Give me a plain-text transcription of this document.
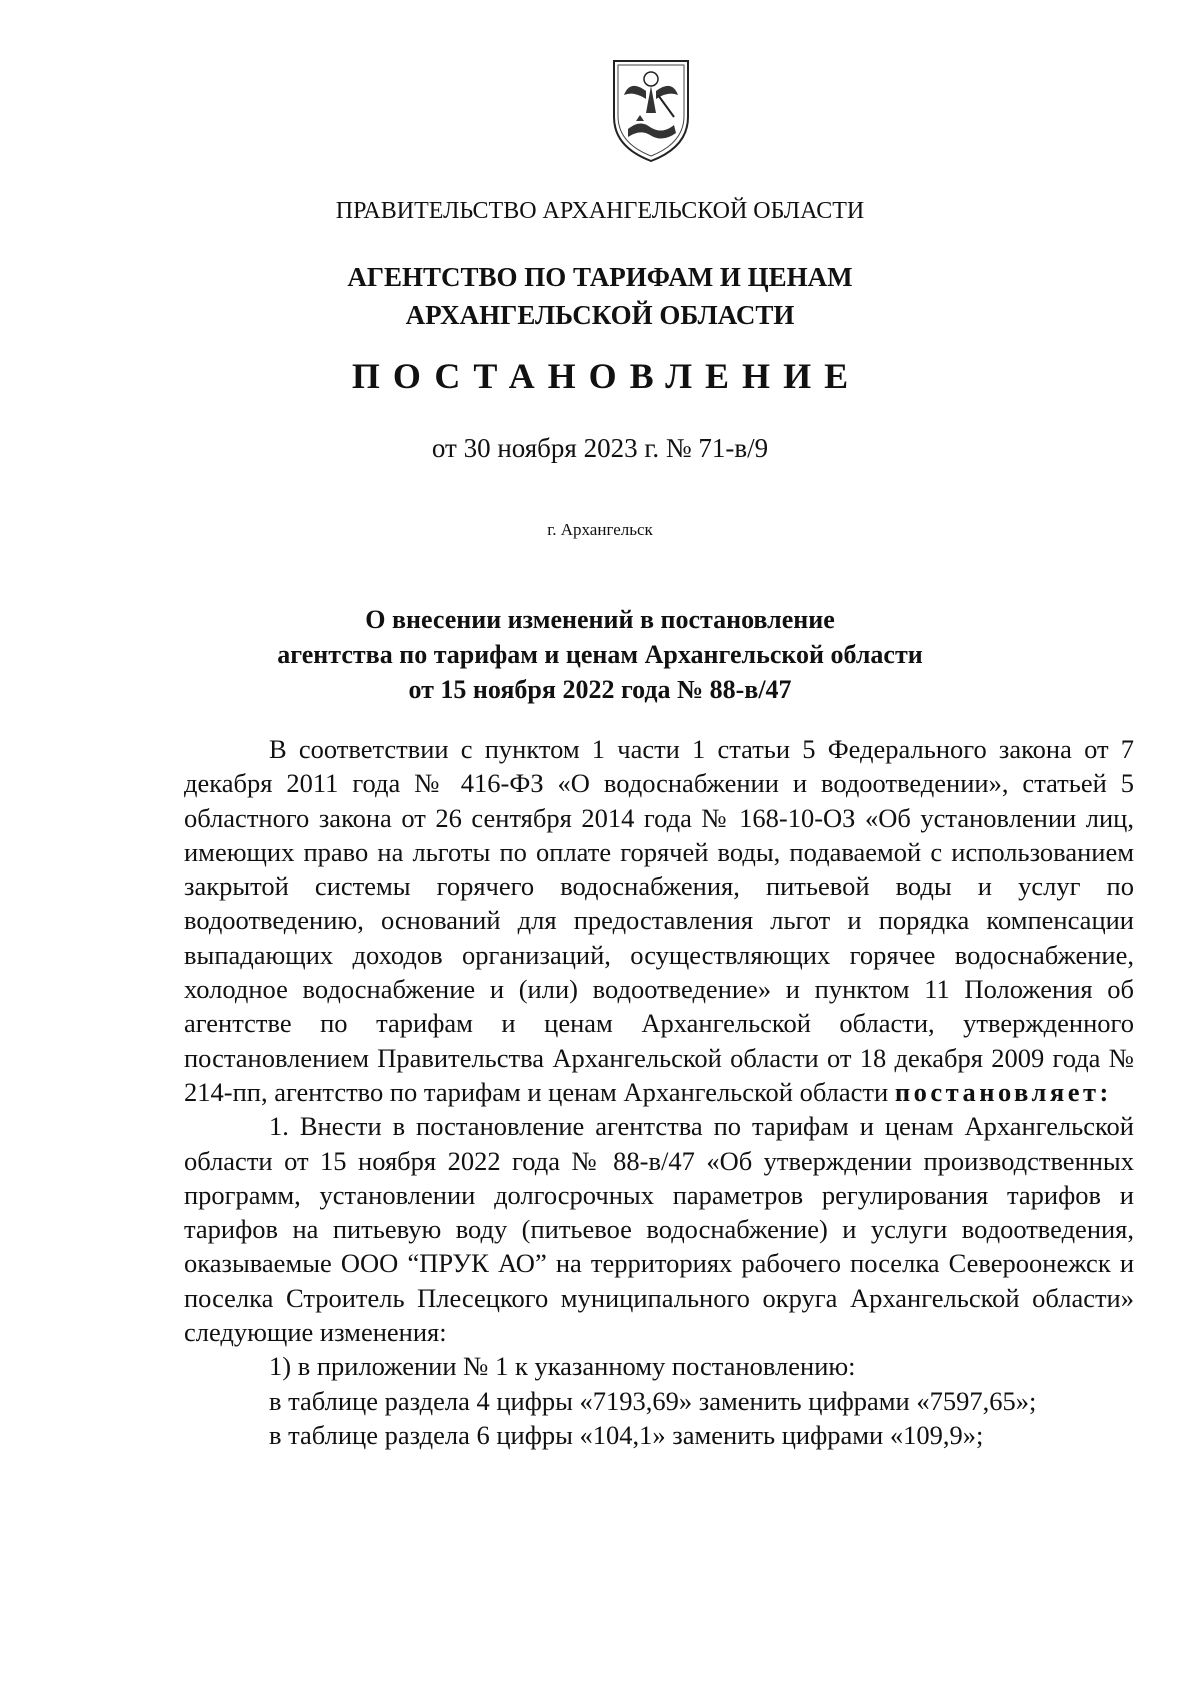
ПРАВИТЕЛЬСТВО АРХАНГЕЛЬСКОЙ ОБЛАСТИ
АГЕНТСТВО ПО ТАРИФАМ И ЦЕНАМ
АРХАНГЕЛЬСКОЙ ОБЛАСТИ
ПОСТАНОВЛЕНИЕ
от 30 ноября 2023 г. № 71-в/9
г. Архангельск
О внесении изменений в постановление
агентства по тарифам и ценам Архангельской области
от 15 ноября 2022 года № 88-в/47

В соответствии с пунктом 1 части 1 статьи 5 Федерального закона от 7 декабря 2011 года № 416-ФЗ «О водоснабжении и водоотведении», статьей 5 областного закона от 26 сентября 2014 года № 168-10-ОЗ «Об установлении лиц, имеющих право на льготы по оплате горячей воды, подаваемой с использованием закрытой системы горячего водоснабжения, питьевой воды и услуг по водоотведению, оснований для предоставления льгот и порядка компенсации выпадающих доходов организаций, осуществляющих горячее водоснабжение, холодное водоснабжение и (или) водоотведение» и пунктом 11 Положения об агентстве по тарифам и ценам Архангельской области, утвержденного постановлением Правительства Архангельской области от 18 декабря 2009 года № 214-пп, агентство по тарифам и ценам Архангельской области постановляет:

1. Внести в постановление агентства по тарифам и ценам Архангельской области от 15 ноября 2022 года № 88-в/47 «Об утверждении производственных программ, установлении долгосрочных параметров регулирования тарифов и тарифов на питьевую воду (питьевое водоснабжение) и услуги водоотведения, оказываемые ООО “ПРУК АО” на территориях рабочего поселка Североонежск и поселка Строитель Плесецкого муниципального округа Архангельской области» следующие изменения:

1) в приложении № 1 к указанному постановлению:

в таблице раздела 4 цифры «7193,69» заменить цифрами «7597,65»;

в таблице раздела 6 цифры «104,1» заменить цифрами «109,9»;
